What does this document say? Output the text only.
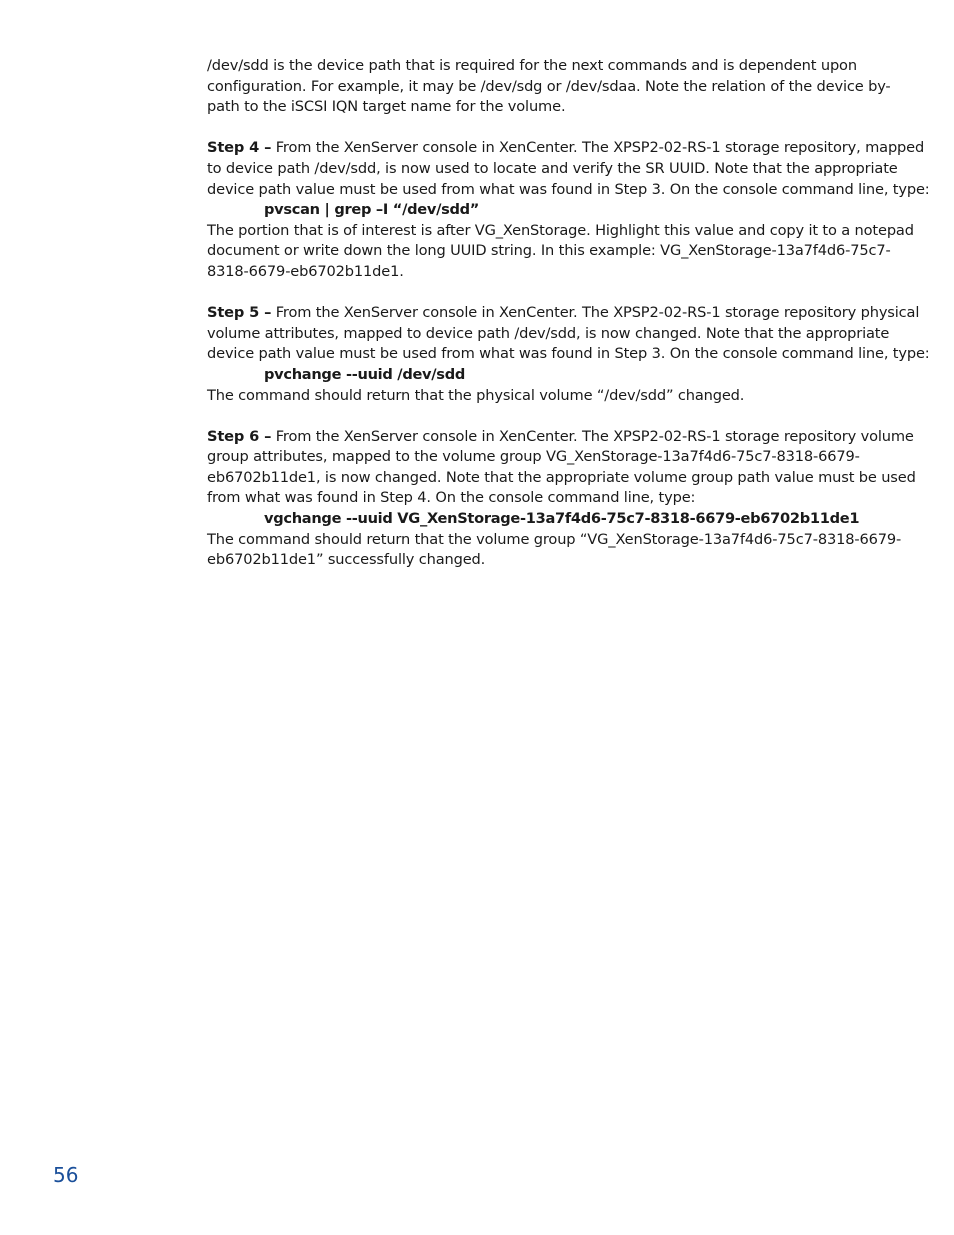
/dev/sdd is the device path that is required for the next commands and is dependent upon
configuration. For example, it may be /dev/sdg or /dev/sdaa. Note the relation of the device by-
path to the iSCSI IQN target name for the volume.

Step 4 – From the XenServer console in XenCenter. The XPSP2-02-RS-1 storage repository, mapped
to device path /dev/sdd, is now used to locate and verify the SR UUID. Note that the appropriate
device path value must be used from what was found in Step 3. On the console command line, type:
pvscan | grep –I “/dev/sdd”
The portion that is of interest is after VG_XenStorage. Highlight this value and copy it to a notepad
document or write down the long UUID string. In this example: VG_XenStorage-13a7f4d6-75c7-
8318-6679-eb6702b11de1.
Step 5 – From the XenServer console in XenCenter. The XPSP2-02-RS-1 storage repository physical
volume attributes, mapped to device path /dev/sdd, is now changed. Note that the appropriate
device path value must be used from what was found in Step 3. On the console command line, type:
pvchange --uuid /dev/sdd
The command should return that the physical volume “/dev/sdd” changed.
Step 6 – From the XenServer console in XenCenter. The XPSP2-02-RS-1 storage repository volume
group attributes, mapped to the volume group VG_XenStorage-13a7f4d6-75c7-8318-6679-
eb6702b11de1, is now changed. Note that the appropriate volume group path value must be used
from what was found in Step 4. On the console command line, type:
vgchange --uuid VG_XenStorage-13a7f4d6-75c7-8318-6679-eb6702b11de1
The command should return that the volume group “VG_XenStorage-13a7f4d6-75c7-8318-6679-
eb6702b11de1” successfully changed.
56
